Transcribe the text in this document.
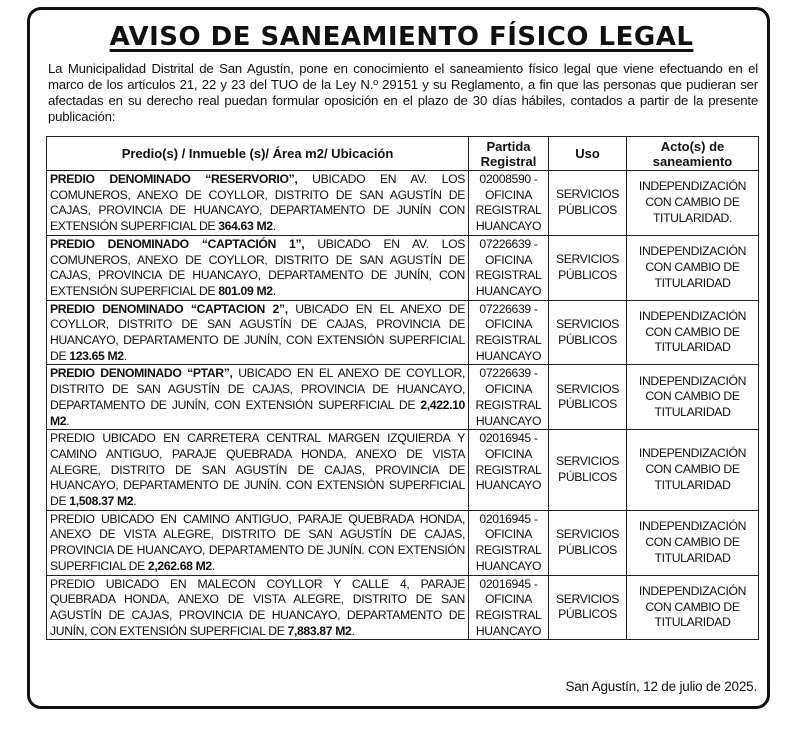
AVISO DE SANEAMIENTO FÍSICO LEGAL
La Municipalidad Distrital de San Agustín, pone en conocimiento el saneamiento físico legal que viene efectuando en el marco de los artículos 21, 22 y 23 del TUO de la Ley N.º 29151 y su Reglamento, a fin que las personas que pudieran ser afectadas en su derecho real puedan formular oposición en el plazo de 30 días hábiles, contados a partir de la presente publicación:
Predio(s) / Inmueble (s)/ Área m2/ Ubicación	Partida Registral	Uso	Acto(s) de saneamiento
PREDIO DENOMINADO “RESERVORIO”, UBICADO EN AV. LOS COMUNEROS, ANEXO DE COYLLOR, DISTRITO DE SAN AGUSTÍN DE CAJAS, PROVINCIA DE HUANCAYO, DEPARTAMENTO DE JUNÍN CON EXTENSIÓN SUPERFICIAL DE 364.63 M2.	02008590 -OFICINA REGISTRAL HUANCAYO	SERVICIOS PÚBLICOS	INDEPENDIZACIÓN CON CAMBIO DE TITULARIDAD.
PREDIO DENOMINADO “CAPTACIÓN 1”, UBICADO EN AV. LOS COMUNEROS, ANEXO DE COYLLOR, DISTRITO DE SAN AGUSTÍN DE CAJAS, PROVINCIA DE HUANCAYO, DEPARTAMENTO DE JUNÍN, CON EXTENSIÓN SUPERFICIAL DE 801.09 M2.	07226639 -OFICINA REGISTRAL HUANCAYO	SERVICIOS PÚBLICOS	INDEPENDIZACIÓN CON CAMBIO DE TITULARIDAD
PREDIO DENOMINADO “CAPTACION 2”, UBICADO EN EL ANEXO DE COYLLOR, DISTRITO DE SAN AGUSTÍN DE CAJAS, PROVINCIA DE HUANCAYO, DEPARTAMENTO DE JUNÍN, CON EXTENSIÓN SUPERFICIAL DE 123.65 M2.	07226639 -OFICINA REGISTRAL HUANCAYO	SERVICIOS PÚBLICOS	INDEPENDIZACIÓN CON CAMBIO DE TITULARIDAD
PREDIO DENOMINADO “PTAR”, UBICADO EN EL ANEXO DE COYLLOR, DISTRITO DE SAN AGUSTÍN DE CAJAS, PROVINCIA DE HUANCAYO, DEPARTAMENTO DE JUNÍN, CON EXTENSIÓN SUPERFICIAL DE 2,422.10 M2.	07226639 -OFICINA REGISTRAL HUANCAYO	SERVICIOS PÚBLICOS	INDEPENDIZACIÓN CON CAMBIO DE TITULARIDAD
PREDIO UBICADO EN CARRETERA CENTRAL MARGEN IZQUIERDA Y CAMINO ANTIGUO, PARAJE QUEBRADA HONDA, ANEXO DE VISTA ALEGRE, DISTRITO DE SAN AGUSTÍN DE CAJAS, PROVINCIA DE HUANCAYO, DEPARTAMENTO DE JUNÍN. CON EXTENSIÓN SUPERFICIAL DE 1,508.37 M2.	02016945 -OFICINA REGISTRAL HUANCAYO	SERVICIOS PÚBLICOS	INDEPENDIZACIÓN CON CAMBIO DE TITULARIDAD
PREDIO UBICADO EN CAMINO ANTIGUO, PARAJE QUEBRADA HONDA, ANEXO DE VISTA ALEGRE, DISTRITO DE SAN AGUSTÍN DE CAJAS, PROVINCIA DE HUANCAYO, DEPARTAMENTO DE JUNÍN. CON EXTENSIÓN SUPERFICIAL DE 2,262.68 M2.	02016945 -OFICINA REGISTRAL HUANCAYO	SERVICIOS PÚBLICOS	INDEPENDIZACIÓN CON CAMBIO DE TITULARIDAD
PREDIO UBICADO EN MALECON COYLLOR Y CALLE 4, PARAJE QUEBRADA HONDA, ANEXO DE VISTA ALEGRE, DISTRITO DE SAN AGUSTÍN DE CAJAS, PROVINCIA DE HUANCAYO, DEPARTAMENTO DE JUNÍN, CON EXTENSIÓN SUPERFICIAL DE 7,883.87 M2.	02016945 -OFICINA REGISTRAL HUANCAYO	SERVICIOS PÚBLICOS	INDEPENDIZACIÓN CON CAMBIO DE TITULARIDAD
San Agustín, 12 de julio de 2025.
